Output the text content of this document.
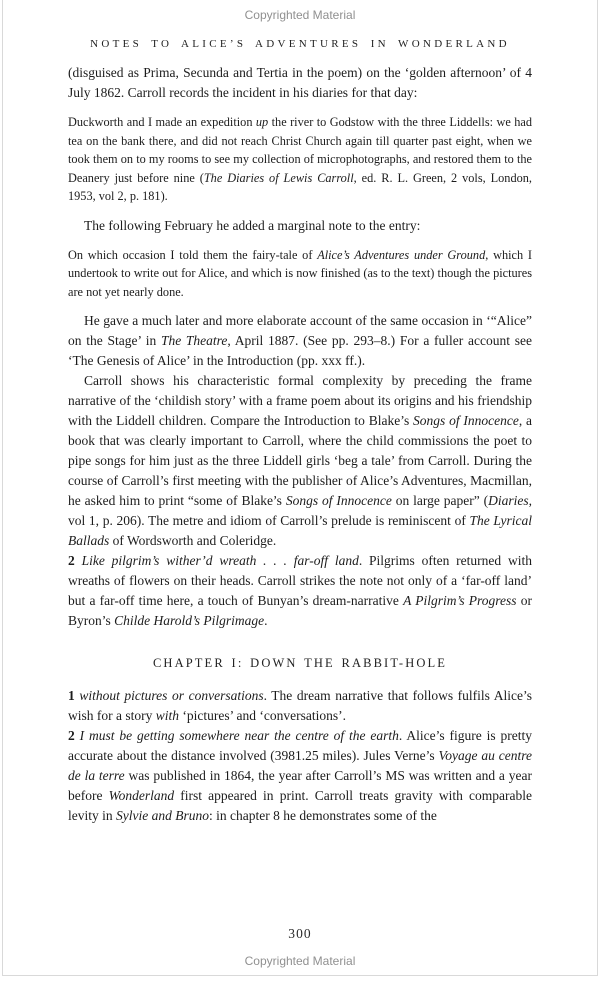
Copyrighted Material
NOTES TO ALICE’S ADVENTURES IN WONDERLAND

(disguised as Prima, Secunda and Tertia in the poem) on the ‘golden afternoon’ of 4 July 1862. Carroll records the incident in his diaries for that day:

Duckworth and I made an expedition up the river to Godstow with the three Liddells: we had tea on the bank there, and did not reach Christ Church again till quarter past eight, when we took them on to my rooms to see my collection of microphotographs, and restored them to the Deanery just before nine (The Diaries of Lewis Carroll, ed. R. L. Green, 2 vols, London, 1953, vol 2, p. 181).

The following February he added a marginal note to the entry:

On which occasion I told them the fairy-tale of Alice’s Adventures under Ground, which I undertook to write out for Alice, and which is now finished (as to the text) though the pictures are not yet nearly done.

He gave a much later and more elaborate account of the same occasion in ‘“Alice” on the Stage’ in The Theatre, April 1887. (See pp. 293–8.) For a fuller account see ‘The Genesis of Alice’ in the Introduction (pp. xxx ff.).

Carroll shows his characteristic formal complexity by preceding the frame narrative of the ‘childish story’ with a frame poem about its origins and his friendship with the Liddell children. Compare the Introduction to Blake’s Songs of Innocence, a book that was clearly important to Carroll, where the child commissions the poet to pipe songs for him just as the three Liddell girls ‘beg a tale’ from Carroll. During the course of Carroll’s first meeting with the publisher of Alice’s Adventures, Macmillan, he asked him to print “some of Blake’s Songs of Innocence on large paper” (Diaries, vol 1, p. 206). The metre and idiom of Carroll’s prelude is reminiscent of The Lyrical Ballads of Wordsworth and Coleridge.

2 Like pilgrim’s wither’d wreath . . . far-off land. Pilgrims often returned with wreaths of flowers on their heads. Carroll strikes the note not only of a ‘far-off land’ but a far-off time here, a touch of Bunyan’s dream-narrative A Pilgrim’s Progress or Byron’s Childe Harold’s Pilgrimage.

CHAPTER I: DOWN THE RABBIT-HOLE

1 without pictures or conversations. The dream narrative that follows fulfils Alice’s wish for a story with ‘pictures’ and ‘conversations’.

2 I must be getting somewhere near the centre of the earth. Alice’s figure is pretty accurate about the distance involved (3981.25 miles). Jules Verne’s Voyage au centre de la terre was published in 1864, the year after Carroll’s MS was written and a year before Wonderland first appeared in print. Carroll treats gravity with comparable levity in Sylvie and Bruno: in chapter 8 he demonstrates some of the

300
Copyrighted Material
